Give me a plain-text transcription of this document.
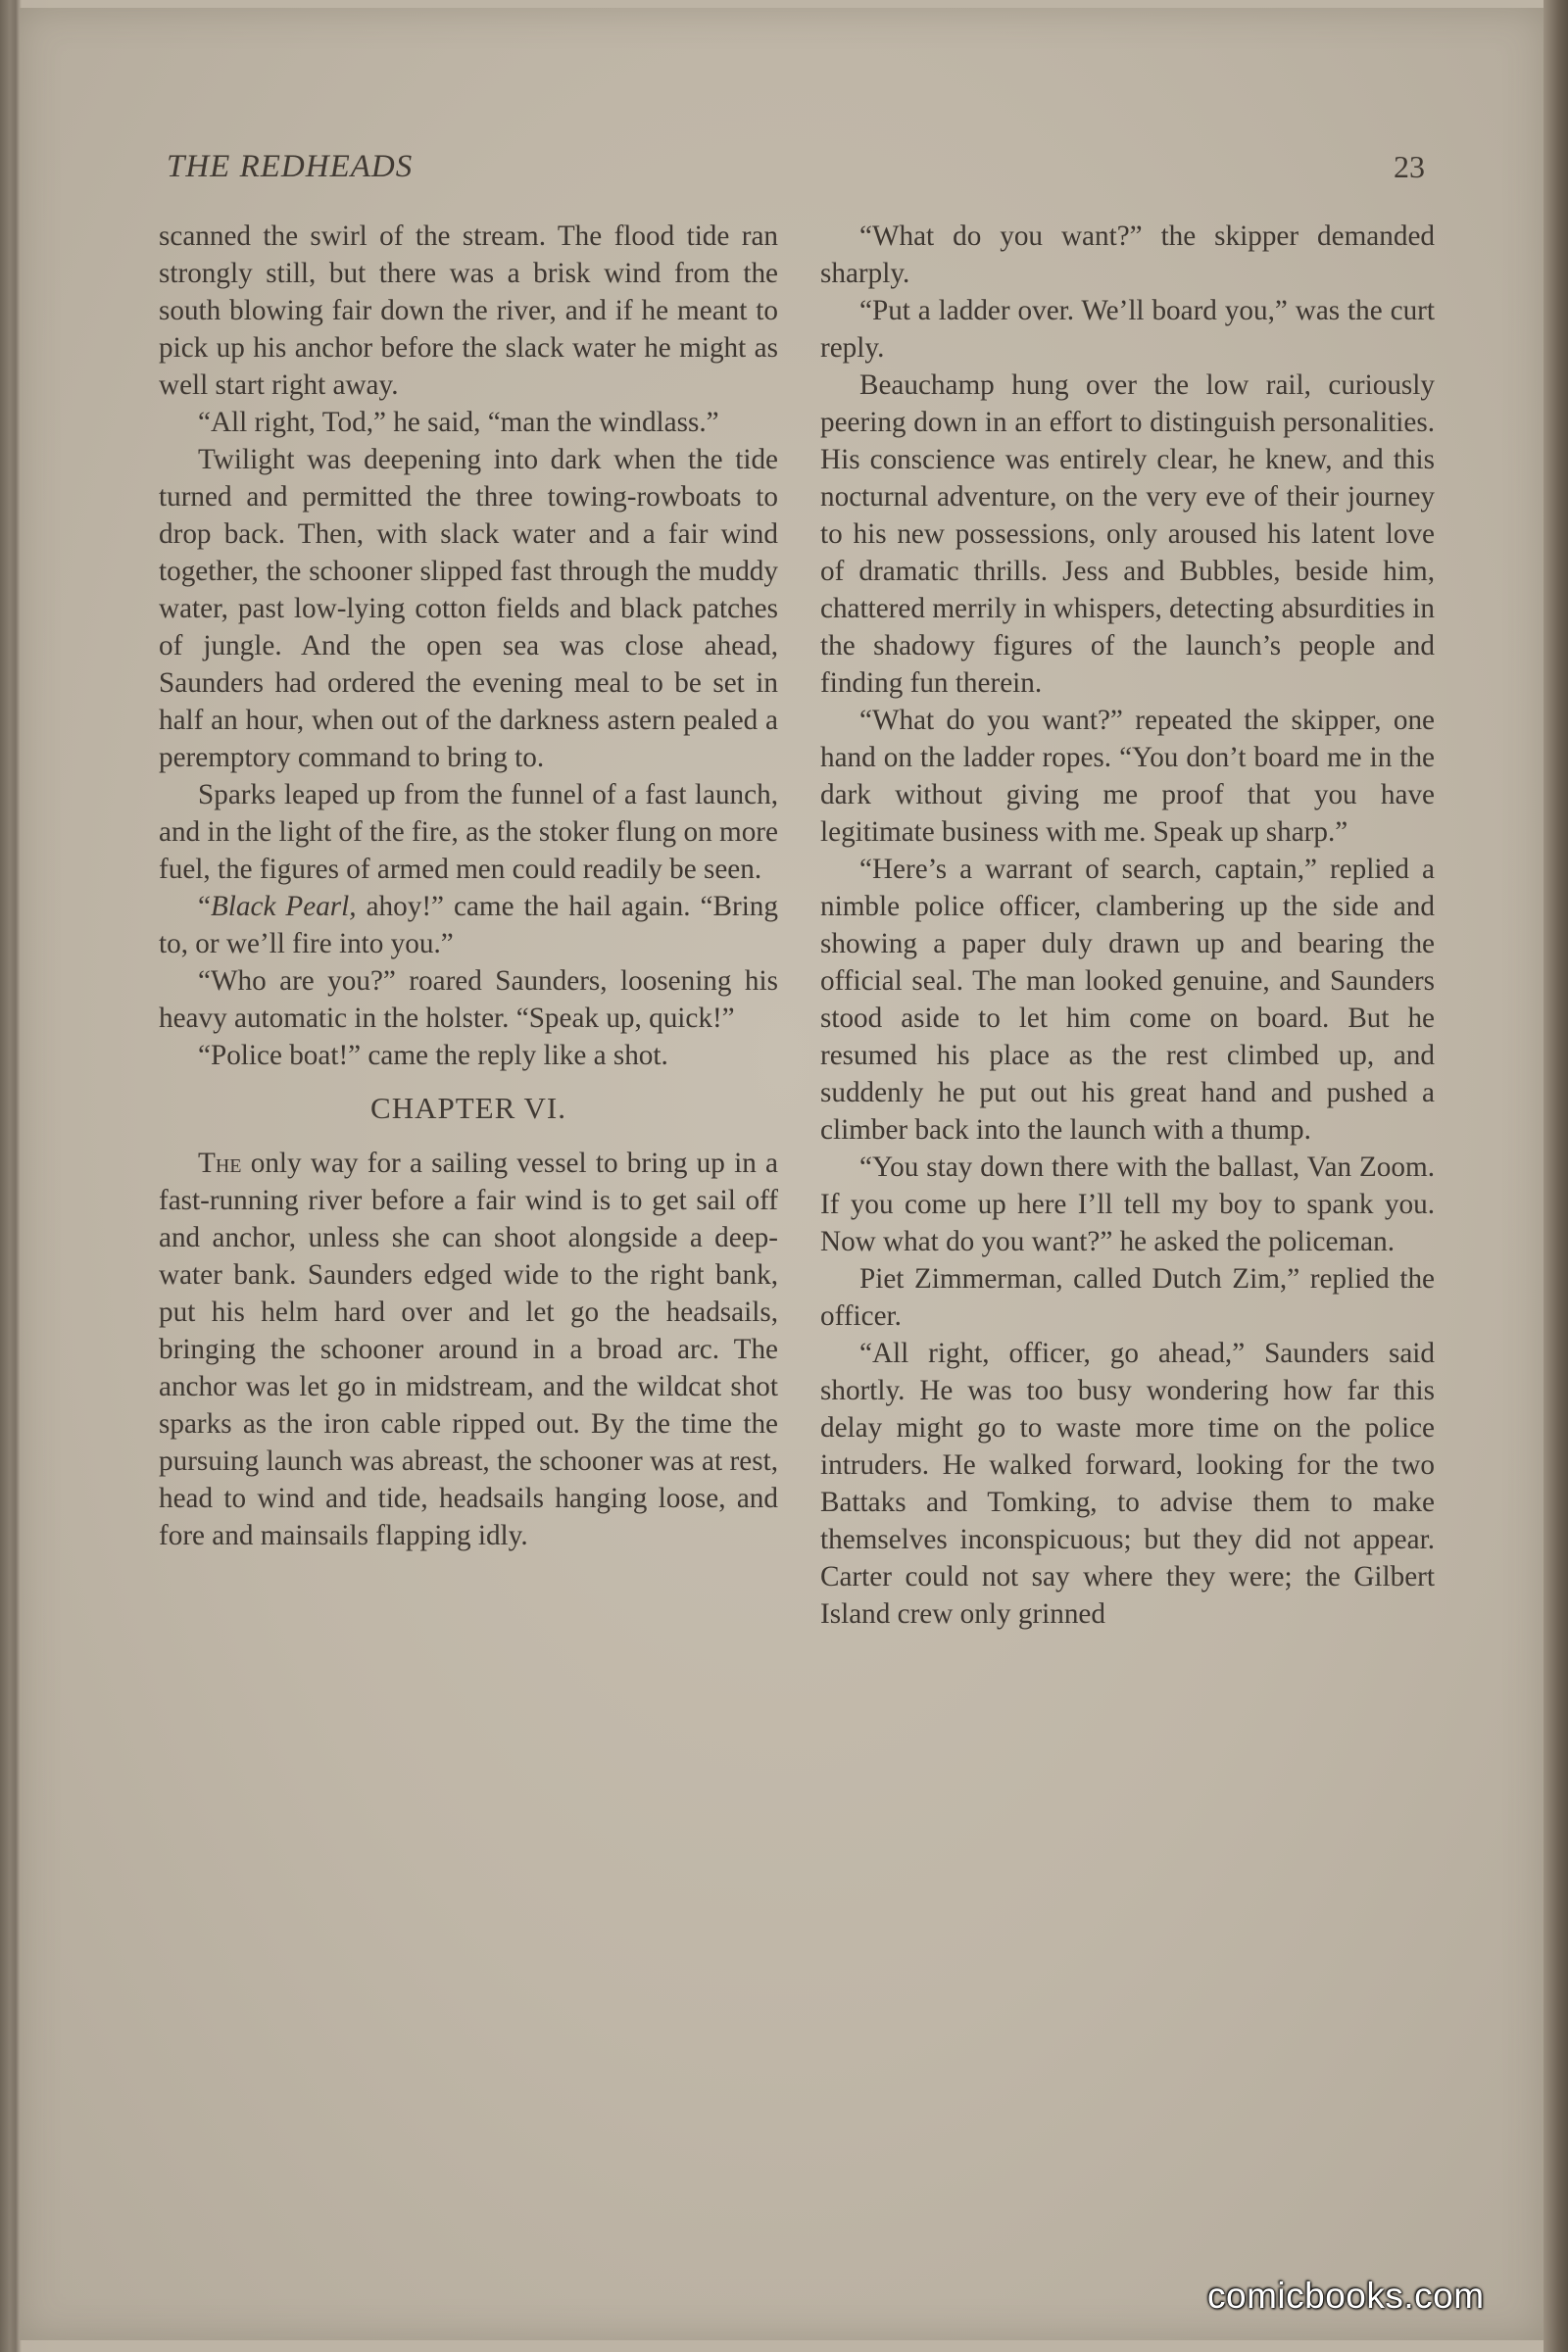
THE REDHEADS	23

scanned the swirl of the stream. The flood tide ran strongly still, but there was a brisk wind from the south blowing fair down the river, and if he meant to pick up his anchor before the slack water he might as well start right away.

“All right, Tod,” he said, “man the windlass.”

Twilight was deepening into dark when the tide turned and permitted the three towing-rowboats to drop back. Then, with slack water and a fair wind together, the schooner slipped fast through the muddy water, past low-lying cotton fields and black patches of jungle. And the open sea was close ahead, Saunders had ordered the evening meal to be set in half an hour, when out of the darkness astern pealed a peremptory command to bring to.

Sparks leaped up from the funnel of a fast launch, and in the light of the fire, as the stoker flung on more fuel, the figures of armed men could readily be seen.

“Black Pearl, ahoy!” came the hail again. “Bring to, or we’ll fire into you.”

“Who are you?” roared Saunders, loosening his heavy automatic in the holster. “Speak up, quick!”

“Police boat!” came the reply like a shot.

CHAPTER VI.

The only way for a sailing vessel to bring up in a fast-running river before a fair wind is to get sail off and anchor, unless she can shoot alongside a deep-water bank. Saunders edged wide to the right bank, put his helm hard over and let go the headsails, bringing the schooner around in a broad arc. The anchor was let go in midstream, and the wildcat shot sparks as the iron cable ripped out. By the time the pursuing launch was abreast, the schooner was at rest, head to wind and tide, headsails hanging loose, and fore and mainsails flapping idly.

“What do you want?” the skipper demanded sharply.

“Put a ladder over. We’ll board you,” was the curt reply.

Beauchamp hung over the low rail, curiously peering down in an effort to distinguish personalities. His conscience was entirely clear, he knew, and this nocturnal adventure, on the very eve of their journey to his new possessions, only aroused his latent love of dramatic thrills. Jess and Bubbles, beside him, chattered merrily in whispers, detecting absurdities in the shadowy figures of the launch’s people and finding fun therein.

“What do you want?” repeated the skipper, one hand on the ladder ropes. “You don’t board me in the dark without giving me proof that you have legitimate business with me. Speak up sharp.”

“Here’s a warrant of search, captain,” replied a nimble police officer, clambering up the side and showing a paper duly drawn up and bearing the official seal. The man looked genuine, and Saunders stood aside to let him come on board. But he resumed his place as the rest climbed up, and suddenly he put out his great hand and pushed a climber back into the launch with a thump.

“You stay down there with the ballast, Van Zoom. If you come up here I’ll tell my boy to spank you. Now what do you want?” he asked the policeman.

Piet Zimmerman, called Dutch Zim,” replied the officer.

“All right, officer, go ahead,” Saunders said shortly. He was too busy wondering how far this delay might go to waste more time on the police intruders. He walked forward, looking for the two Battaks and Tomking, to advise them to make themselves inconspicuous; but they did not appear. Carter could not say where they were; the Gilbert Island crew only grinned

comicbooks.com
